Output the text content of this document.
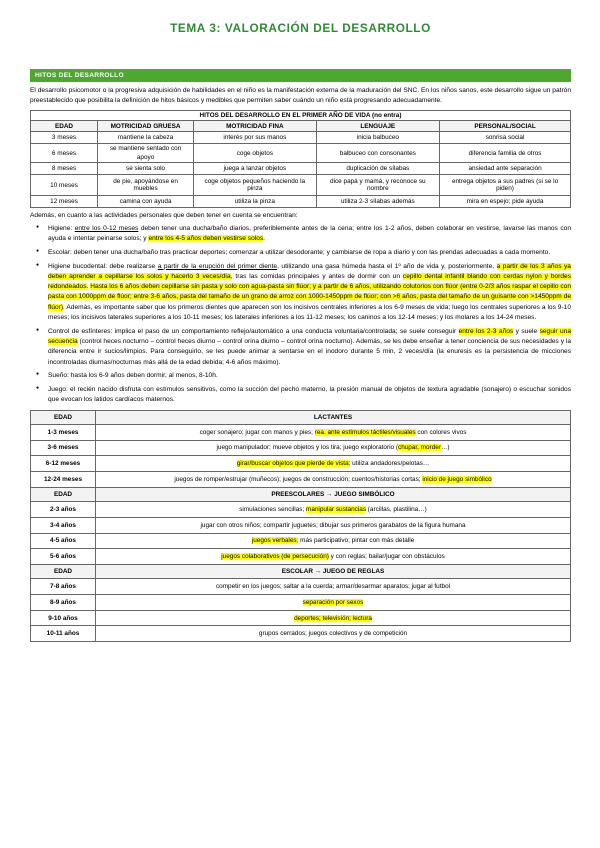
TEMA 3: VALORACIÓN DEL DESARROLLO
HITOS DEL DESARROLLO

El desarrollo psicomotor o la progresiva adquisición de habilidades en el niño es la manifestación externa de la maduración del SNC. En los niños sanos, este desarrollo sigue un patrón preestablecido que posibilita la definición de hitos básicos y medibles que permiten saber cuándo un niño está progresando adecuadamente.

HITOS DEL DESARROLLO EN EL PRIMER AÑO DE VIDA (no entra)				
EDAD	MOTRICIDAD GRUESA	MOTRICIDAD FINA	LENGUAJE	PERSONAL/SOCIAL
3 meses	mantiene la cabeza	interés por sus manos	inicia balbuceo	sonrisa social
6 meses	se mantiene sentado con apoyo	coge objetos	balbuceo con consonantes	diferencia familia de otros
8 meses	se sienta solo	juega a lanzar objetos	duplicación de sílabas	ansiedad ante separación
10 meses	de pie, apoyándose en muebles	coge objetos pequeños haciendo la pinza	dice papá y mamá, y reconoce su nombre	entrega objetos a sus padres (si se lo piden)
12 meses	camina con ayuda	utiliza la pinza	utiliza 2-3 sílabas además	mira en espejo; pide ayuda

Además, en cuanto a las actividades personales que deben tener en cuenta se encuentran:

● Higiene: entre los 0-12 meses deben tener una ducha/baño diarios, preferiblemente antes de la cena; entre los 1-2 años, deben colaborar en vestirse, lavarse las manos con ayuda e intentar peinarse solos; y entre los 4-5 años deben vestirse solos.
● Escolar: deben tener una ducha/baño tras practicar deportes; comenzar a utilizar desodorante; y cambiarse de ropa a diario y con las prendas adecuadas a cada momento.
● Higiene bucodental: debe realizarse a partir de la erupción del primer diente, utilizando una gasa húmeda hasta el 1º año de vida y, posteriormente, a partir de los 3 años ya deben aprender a cepillarse los solos y hacerlo 3 veces/día, tras las comidas principales y antes de dormir con un cepillo dental infantil blando con cerdas nylon y bordes redondeados. Hasta los 6 años deben cepillarse sin pasta y solo con agua-pasta sin flúor; y a partir de 6 años, utilizando colutorios con flúor (entre 0-2/3 años raspar el cepillo con pasta con 1000ppm de flúor; entre 3-6 años, pasta del tamaño de un grano de arroz con 1000-1450ppm de flúor; con >6 años, pasta del tamaño de un guisante con >1450ppm de flúor). Además, es importante saber que los primeros dientes que aparecen son los incisivos centrales inferiores a los 6-9 meses de vida; luego los centrales superiores a los 9-10 meses; los incisivos laterales superiores a los 10-11 meses; los laterales inferiores a los 11-12 meses; los caninos a los 12-14 meses; y los molares a los 14-24 meses.
● Control de esfínteres: implica el paso de un comportamiento reflejo/automático a una conducta voluntaria/controlada; se suele conseguir entre los 2-3 años y suele seguir una secuencia (control heces nocturno – control heces diurno – control orina diurno – control orina nocturno). Además, se les debe enseñar a tener conciencia de sus necesidades y la diferencia entre ir sucios/limpios. Para conseguirlo, se les puede animar a sentarse en el inodoro durante 5 min, 2 veces/día (la enuresis es la persistencia de micciones incontroladas diurnas/nocturnas más allá de la edad debida; 4-6 años máximo).
● Sueño: hasta los 6-9 años deben dormir, al menos, 8-10h.
● Juego: el recién nacido disfruta con estímulos sensitivos, como la succión del pecho materno, la presión manual de objetos de textura agradable (sonajero) o escuchar sonidos que evocan los latidos cardíacos maternos.
EDAD	LACTANTES
1-3 meses	coger sonajero; jugar con manos y pies; rea. ante estímulos táctiles/visuales con colores vivos
3-6 meses	juego manipulador; mueve objetos y los tira; juego exploratorio (chupar, morder…)
6-12 meses	girar/buscar objetos que pierde de vista; utiliza andadores/pelotas…
12-24 meses	juegos de romper/estrujar (muñecos); juegos de construcción; cuentos/historias cortas; inicio de juego simbólico
EDAD	PREESCOLARES → JUEGO SIMBÓLICO
2-3 años	simulaciones sencillas; manipular sustancias (arcillas, plastilina…)
3-4 años	jugar con otros niños; compartir juguetes; dibujar sus primeros garabatos de la figura humana
4-5 años	juegos verbales; más participativo; pintar con más detalle
5-6 años	juegos colaborativos (de persecución) y con reglas; bailar/jugar con obstáculos
EDAD	ESCOLAR → JUEGO DE REGLAS
7-8 años	competir en los juegos; saltar a la cuerda; armar/desarmar aparatos; jugar al futbol
8-9 años	separación por sexos
9-10 años	deportes; televisión; lectura
10-11 años	grupos cerrados; juegos colectivos y de competición
